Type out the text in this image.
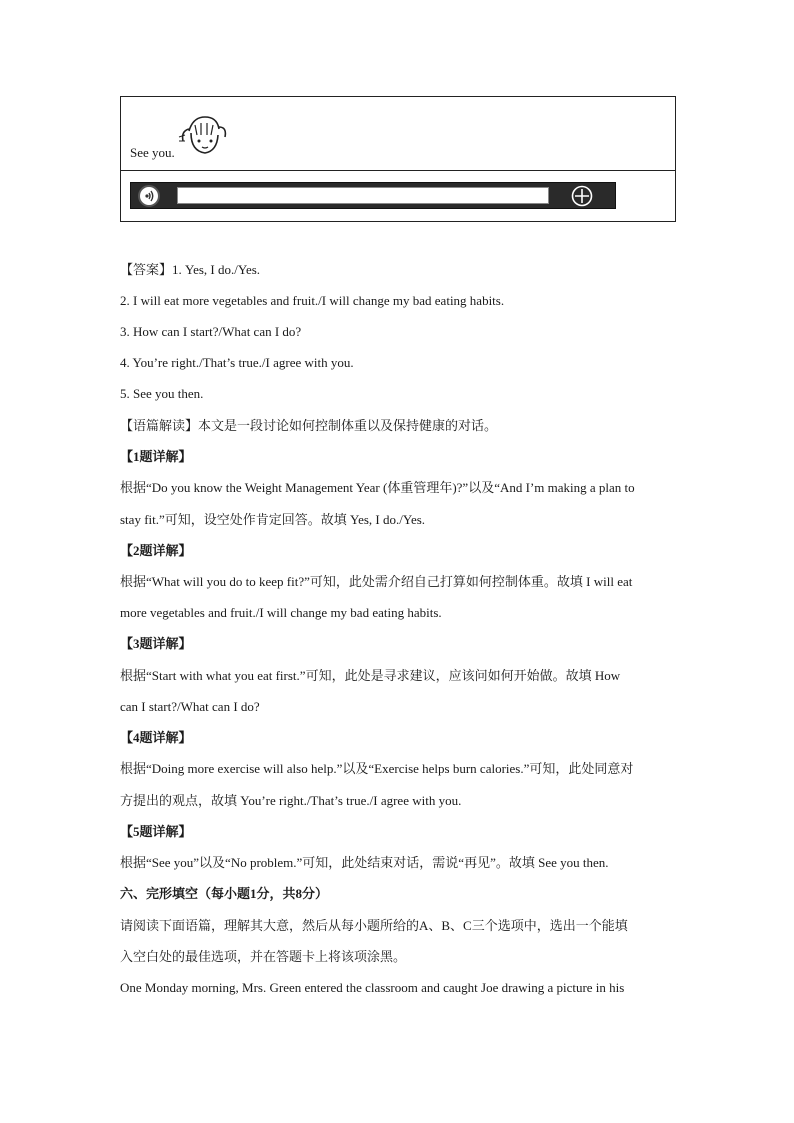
See you.
【答案】1. Yes, I do./Yes.
2. I will eat more vegetables and fruit./I will change my bad eating habits.
3. How can I start?/What can I do?
4. You’re right./That’s true./I agree with you.
5. See you then.
【语篇解读】本文是一段讨论如何控制体重以及保持健康的对话。
【1题详解】
根据“Do you know the Weight Management Year (体重管理年)?”以及“And I’m making a plan to
stay fit.”可知，设空处作肯定回答。故填 Yes, I do./Yes.
【2题详解】
根据“What will you do to keep fit?”可知，此处需介绍自己打算如何控制体重。故填 I will eat
more vegetables and fruit./I will change my bad eating habits.
【3题详解】
根据“Start with what you eat first.”可知，此处是寻求建议，应该问如何开始做。故填 How
can I start?/What can I do?
【4题详解】
根据“Doing more exercise will also help.”以及“Exercise helps burn calories.”可知，此处同意对
方提出的观点，故填 You’re right./That’s true./I agree with you.
【5题详解】
根据“See you”以及“No problem.”可知，此处结束对话，需说“再见”。故填 See you then.
六、完形填空（每小题1分，共8分）
请阅读下面语篇，理解其大意，然后从每小题所给的A、B、C三个选项中，选出一个能填
入空白处的最佳选项，并在答题卡上将该项涂黑。
One Monday morning, Mrs. Green entered the classroom and caught Joe drawing a picture in his
